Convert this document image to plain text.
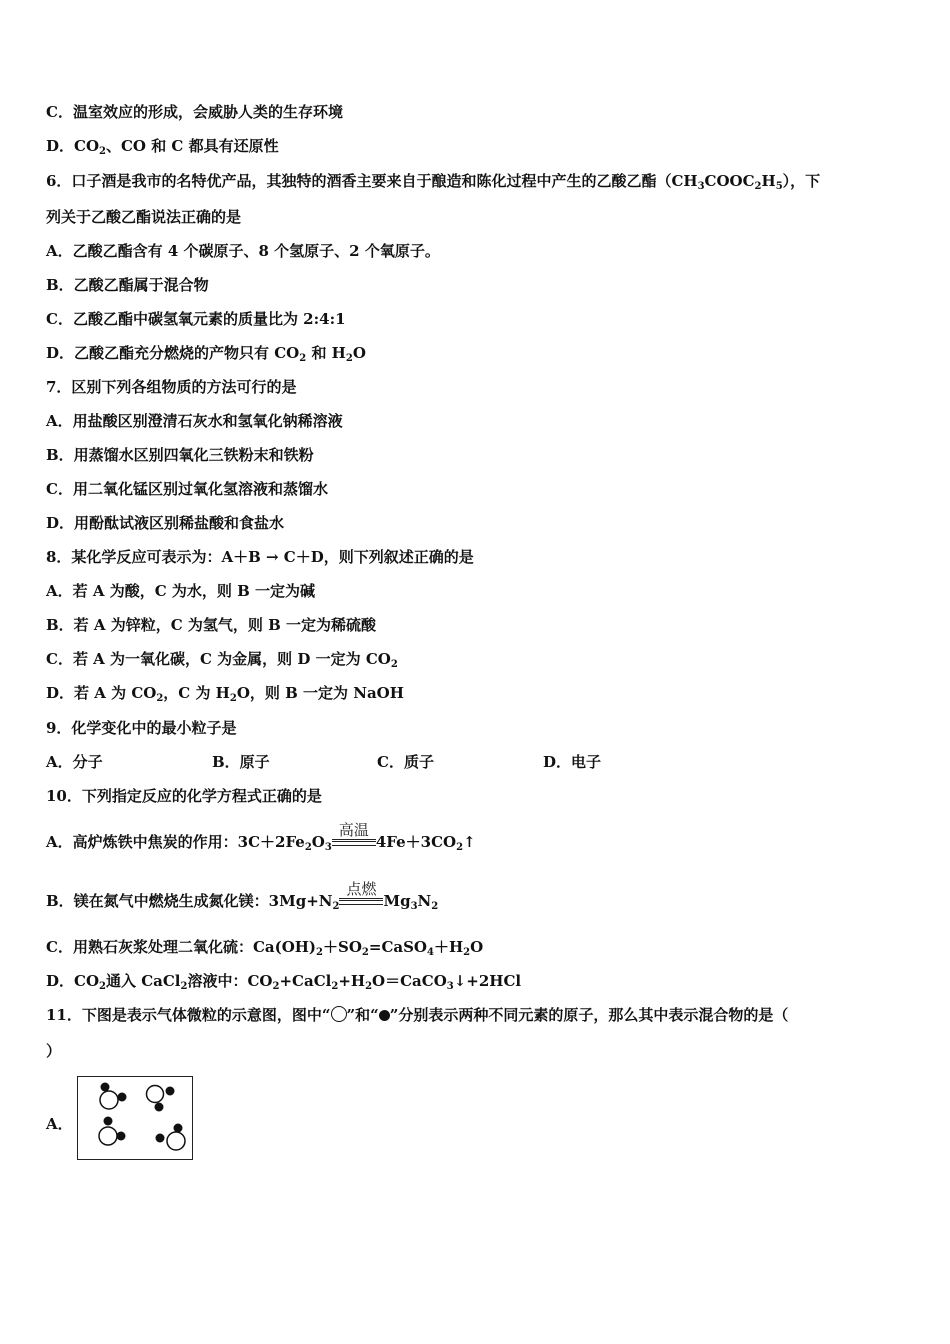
C．温室效应的形成，会威胁人类的生存环境
D．$CO_2$、CO 和 C 都具有还原性
6．口子酒是我市的名特优产品，其独特的酒香主要来自于酿造和陈化过程中产生的乙酸乙酯$(CH_3COOC_2H_5)$，下
列关于乙酸乙酯说法正确的是
A．乙酸乙酯含有 4 个碳原子、8 个氢原子、2 个氧原子。
B．乙酸乙酯属于混合物
C．乙酸乙酯中碳氢氧元素的质量比为 2:4:1
D．乙酸乙酯充分燃烧的产物只有 $CO_2$ 和 $H_2O$
7．区别下列各组物质的方法可行的是
A．用盐酸区别澄清石灰水和氢氧化钠稀溶液
B．用蒸馏水区别四氧化三铁粉末和铁粉
C．用二氧化锰区别过氧化氢溶液和蒸馏水
D．用酚酞试液区别稀盐酸和食盐水
8．某化学反应可表示为：A＋B → C＋D，则下列叙述正确的是
A．若 A 为酸，C 为水，则 B 一定为碱
B．若 A 为锌粒，C 为氢气，则 B 一定为稀硫酸
C．若 A 为一氧化碳，C 为金属，则 D 一定为 $CO_2$
D．若 A 为 $CO_2$，C 为 $H_2O$，则 B 一定为 NaOH
9．化学变化中的最小粒子是
A．分子	B．原子	C．质子	D．电子
10．下列指定反应的化学方程式正确的是
A．高炉炼铁中焦炭的作用：$3C+2Fe_2O_3$
高温
$4Fe+3CO_2↑$
B．镁在氮气中燃烧生成氮化镁：$3Mg+N_2$
点燃
$Mg_3N_2$
C．用熟石灰浆处理二氧化硫：$Ca(OH)_2+SO_2=CaSO_4+H_2O$
D．$CO_2$通入 CaCl$_2$溶液中：$CO_2+CaCl_2+H_2O=CaCO_3↓+2HCl$
11．下图是表示气体微粒的示意图，图中“ ”和“ ”分别表示两种不同元素的原子，那么其中表示混合物的是（
）
A．
